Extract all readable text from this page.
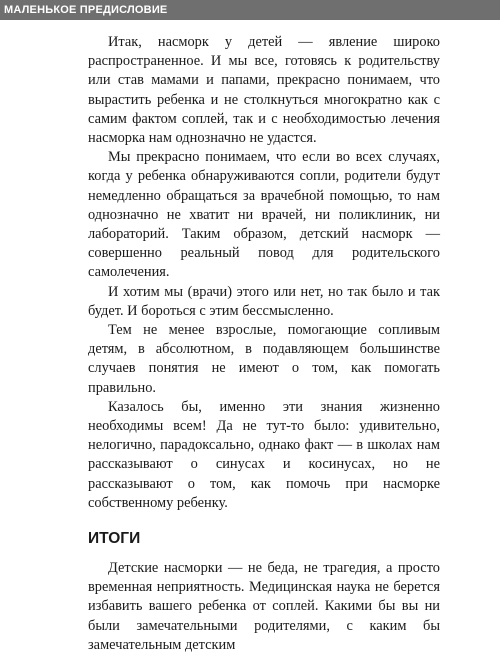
МАЛЕНЬКОЕ ПРЕДИСЛОВИЕ

Итак, насморк у детей — явление широко распространенное. И мы все, готовясь к родительству или став мамами и папами, прекрасно понимаем, что вырастить ребенка и не столкнуться многократно как с самим фактом соплей, так и с необходимостью лечения насморка нам однозначно не удастся.

Мы прекрасно понимаем, что если во всех случаях, когда у ребенка обнаруживаются сопли, родители будут немедленно обращаться за врачебной помощью, то нам однозначно не хватит ни врачей, ни поликлиник, ни лабораторий. Таким образом, детский насморк — совершенно реальный повод для родительского самолечения.

И хотим мы (врачи) этого или нет, но так было и так будет. И бороться с этим бессмысленно.

Тем не менее взрослые, помогающие сопливым детям, в абсолютном, в подавляющем большинстве случаев понятия не имеют о том, как помогать правильно.

Казалось бы, именно эти знания жизненно необходимы всем! Да не тут-то было: удивительно, нелогично, парадоксально, однако факт — в школах нам рассказывают о синусах и косинусах, но не рассказывают о том, как помочь при насморке собственному ребенку.

ИТОГИ

Детские насморки — не беда, не трагедия, а просто временная неприятность. Медицинская наука не берется избавить вашего ребенка от соплей. Какими бы вы ни были замечательными родителями, с каким бы замечательным детским
